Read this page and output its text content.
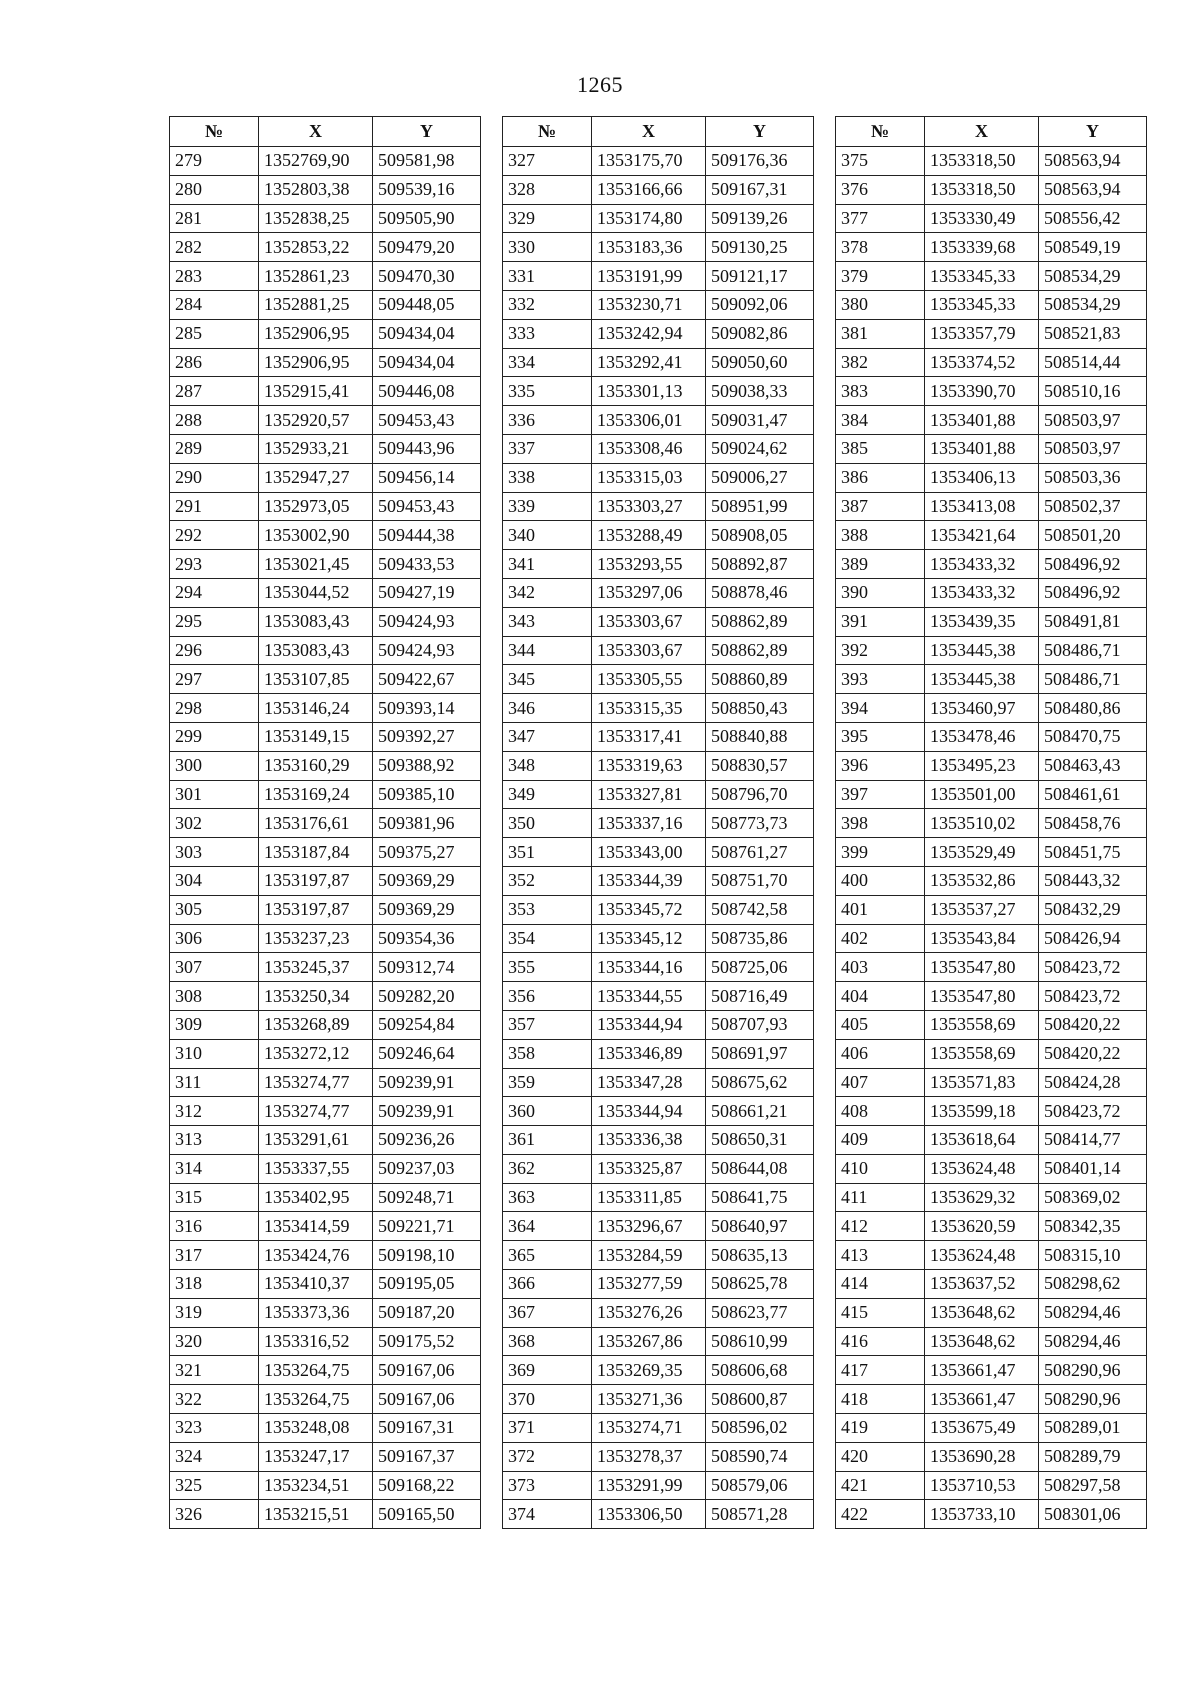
1265
№	X	Y
279	1352769,90	509581,98
280	1352803,38	509539,16
281	1352838,25	509505,90
282	1352853,22	509479,20
283	1352861,23	509470,30
284	1352881,25	509448,05
285	1352906,95	509434,04
286	1352906,95	509434,04
287	1352915,41	509446,08
288	1352920,57	509453,43
289	1352933,21	509443,96
290	1352947,27	509456,14
291	1352973,05	509453,43
292	1353002,90	509444,38
293	1353021,45	509433,53
294	1353044,52	509427,19
295	1353083,43	509424,93
296	1353083,43	509424,93
297	1353107,85	509422,67
298	1353146,24	509393,14
299	1353149,15	509392,27
300	1353160,29	509388,92
301	1353169,24	509385,10
302	1353176,61	509381,96
303	1353187,84	509375,27
304	1353197,87	509369,29
305	1353197,87	509369,29
306	1353237,23	509354,36
307	1353245,37	509312,74
308	1353250,34	509282,20
309	1353268,89	509254,84
310	1353272,12	509246,64
311	1353274,77	509239,91
312	1353274,77	509239,91
313	1353291,61	509236,26
314	1353337,55	509237,03
315	1353402,95	509248,71
316	1353414,59	509221,71
317	1353424,76	509198,10
318	1353410,37	509195,05
319	1353373,36	509187,20
320	1353316,52	509175,52
321	1353264,75	509167,06
322	1353264,75	509167,06
323	1353248,08	509167,31
324	1353247,17	509167,37
325	1353234,51	509168,22
326	1353215,51	509165,50
№	X	Y
327	1353175,70	509176,36
328	1353166,66	509167,31
329	1353174,80	509139,26
330	1353183,36	509130,25
331	1353191,99	509121,17
332	1353230,71	509092,06
333	1353242,94	509082,86
334	1353292,41	509050,60
335	1353301,13	509038,33
336	1353306,01	509031,47
337	1353308,46	509024,62
338	1353315,03	509006,27
339	1353303,27	508951,99
340	1353288,49	508908,05
341	1353293,55	508892,87
342	1353297,06	508878,46
343	1353303,67	508862,89
344	1353303,67	508862,89
345	1353305,55	508860,89
346	1353315,35	508850,43
347	1353317,41	508840,88
348	1353319,63	508830,57
349	1353327,81	508796,70
350	1353337,16	508773,73
351	1353343,00	508761,27
352	1353344,39	508751,70
353	1353345,72	508742,58
354	1353345,12	508735,86
355	1353344,16	508725,06
356	1353344,55	508716,49
357	1353344,94	508707,93
358	1353346,89	508691,97
359	1353347,28	508675,62
360	1353344,94	508661,21
361	1353336,38	508650,31
362	1353325,87	508644,08
363	1353311,85	508641,75
364	1353296,67	508640,97
365	1353284,59	508635,13
366	1353277,59	508625,78
367	1353276,26	508623,77
368	1353267,86	508610,99
369	1353269,35	508606,68
370	1353271,36	508600,87
371	1353274,71	508596,02
372	1353278,37	508590,74
373	1353291,99	508579,06
374	1353306,50	508571,28
№	X	Y
375	1353318,50	508563,94
376	1353318,50	508563,94
377	1353330,49	508556,42
378	1353339,68	508549,19
379	1353345,33	508534,29
380	1353345,33	508534,29
381	1353357,79	508521,83
382	1353374,52	508514,44
383	1353390,70	508510,16
384	1353401,88	508503,97
385	1353401,88	508503,97
386	1353406,13	508503,36
387	1353413,08	508502,37
388	1353421,64	508501,20
389	1353433,32	508496,92
390	1353433,32	508496,92
391	1353439,35	508491,81
392	1353445,38	508486,71
393	1353445,38	508486,71
394	1353460,97	508480,86
395	1353478,46	508470,75
396	1353495,23	508463,43
397	1353501,00	508461,61
398	1353510,02	508458,76
399	1353529,49	508451,75
400	1353532,86	508443,32
401	1353537,27	508432,29
402	1353543,84	508426,94
403	1353547,80	508423,72
404	1353547,80	508423,72
405	1353558,69	508420,22
406	1353558,69	508420,22
407	1353571,83	508424,28
408	1353599,18	508423,72
409	1353618,64	508414,77
410	1353624,48	508401,14
411	1353629,32	508369,02
412	1353620,59	508342,35
413	1353624,48	508315,10
414	1353637,52	508298,62
415	1353648,62	508294,46
416	1353648,62	508294,46
417	1353661,47	508290,96
418	1353661,47	508290,96
419	1353675,49	508289,01
420	1353690,28	508289,79
421	1353710,53	508297,58
422	1353733,10	508301,06
